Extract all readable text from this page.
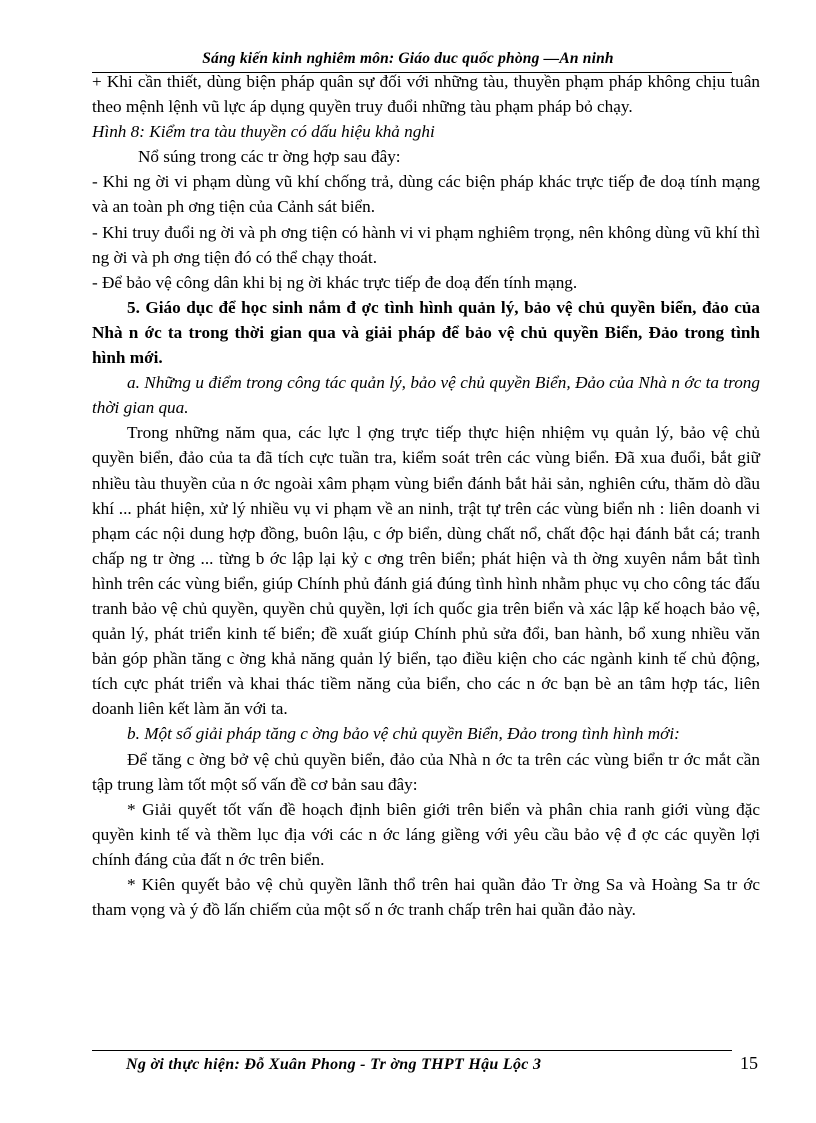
Sáng kiến kinh nghiêm môn: Giáo duc quốc phòng —An ninh

+ Khi cần thiết, dùng biện pháp quân sự đối với những tàu, thuyền phạm pháp không chịu tuân theo mệnh lệnh vũ lực áp dụng quyền truy đuổi những tàu phạm pháp bỏ chạy.

Hình 8: Kiểm tra tàu thuyền có dấu hiệu khả nghi

Nổ súng trong các tr ờng hợp sau đây:

- Khi ng ời vi phạm dùng vũ khí chống trả, dùng các biện pháp khác trực tiếp đe doạ tính mạng và an toàn ph ơng tiện của Cảnh sát biển.

- Khi truy đuổi ng ời và ph ơng tiện có hành vi vi phạm nghiêm trọng, nên không dùng vũ khí thì ng ời và ph ơng tiện đó có thể chạy thoát.

- Để bảo vệ công dân khi bị ng ời khác trực tiếp đe doạ đến tính mạng.

5. Giáo dục để học sinh nắm đ ợc tình hình quản lý, bảo vệ chủ quyền biển, đảo của Nhà n ớc ta trong thời gian qua và giải pháp để bảo vệ chủ quyền Biển, Đảo trong tình hình mới.

a. Những u điểm trong công tác quản lý, bảo vệ chủ quyền Biển, Đảo của Nhà n ớc ta trong thời gian qua.

Trong những năm qua, các lực l ợng trực tiếp thực hiện nhiệm vụ quản lý, bảo vệ chủ quyền biển, đảo của ta đã tích cực tuần tra, kiểm soát trên các vùng biển. Đã xua đuổi, bắt giữ nhiều tàu thuyền của n ớc ngoài xâm phạm vùng biển đánh bắt hải sản, nghiên cứu, thăm dò dầu khí ... phát hiện, xử lý nhiều vụ vi phạm về an ninh, trật tự trên các vùng biển nh : liên doanh vi phạm các nội dung hợp đồng, buôn lậu, c ớp biển, dùng chất nổ, chất độc hại đánh bắt cá; tranh chấp ng tr ờng ... từng b ớc lập lại kỷ c ơng trên biển; phát hiện và th ờng xuyên nắm bắt tình hình trên các vùng biển, giúp Chính phủ đánh giá đúng tình hình nhằm phục vụ cho công tác đấu tranh bảo vệ chủ quyền, quyền chủ quyền, lợi ích quốc gia trên biển và xác lập kế hoạch bảo vệ, quản lý, phát triển kinh tế biển; đề xuất giúp Chính phủ sửa đổi, ban hành, bổ xung nhiều văn bản góp phần tăng c ờng khả năng quản lý biển, tạo điều kiện cho các ngành kinh tế chủ động, tích cực phát triển và khai thác tiềm năng của biển, cho các n ớc bạn bè an tâm hợp tác, liên doanh liên kết làm ăn với ta.

b. Một số giải pháp tăng c ờng bảo vệ chủ quyền Biển, Đảo trong tình hình mới:

Để tăng c ờng bở vệ chủ quyền biển, đảo của Nhà n ớc ta trên các vùng biển tr ớc mắt cần tập trung làm tốt một số vấn đề cơ bản sau đây:

* Giải quyết tốt vấn đề hoạch định biên giới trên biển và phân chia ranh giới vùng đặc quyền kinh tế và thềm lục địa với các n ớc láng giềng với yêu cầu bảo vệ đ ợc các quyền lợi chính đáng của đất n ớc trên biển.

* Kiên quyết bảo vệ chủ quyền lãnh thổ trên hai quần đảo Tr ờng Sa và Hoàng Sa tr ớc tham vọng và ý đồ lấn chiếm của một số n ớc tranh chấp trên hai quần đảo này.

Ng ời thực hiện: Đỗ Xuân Phong - Tr ờng THPT Hậu Lộc 3	15
